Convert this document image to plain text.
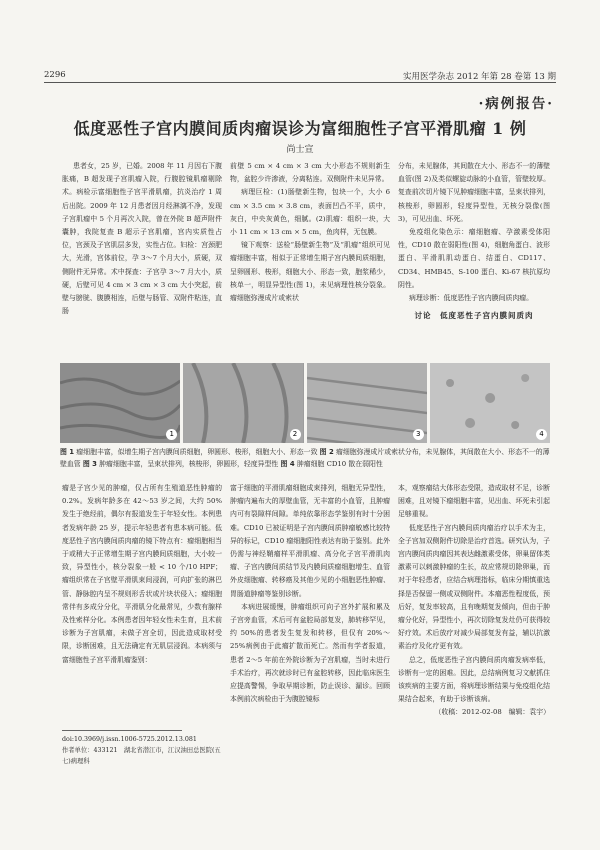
2296	实用医学杂志 2012 年第 28 卷第 13 期
·病例报告·
低度恶性子宫内膜间质肉瘤误诊为富细胞性子宫平滑肌瘤 1 例
尚士宣

患者女，25 岁，已婚。2008 年 11 月因右下腹胀痛，B 超发现子宫肌瘤入院，行腹腔镜肌瘤剔除术。病检示富细胞性子宫平滑肌瘤，抗炎治疗 1 周后出院。2009 年 12 月患者因月经淋漓不净，发现子宫肌瘤中 5 个月再次入院，曾在外院 B 超声附件囊肿，我院复查 B 超示子宫肌瘤，宫内实质性占位，宫颈及子宫肌层多发，实性占位。妇检：宫颈肥大，光滑，宫体前位，孕 3～7 个月大小，质硬，双侧附件无异常。术中探查：子宫孕 3～7 月大小，质硬，后壁可见 4 cm × 3 cm × 3 cm 大小突起，前壁与膀胱、腹膜相连，后壁与肠管、双附件粘连，直肠

前壁 5 cm × 4 cm × 3 cm 大小形态不规则新生物，盆腔少许渗液，分离粘连。双侧附件未见异常。

病理巨检：(1)肠壁新生物，包块一个，大小 6 cm × 3.5 cm × 3.8 cm，表面凹凸不平，质中，灰白，中央灰黄色，细腻。(2)肌瘤：组织一块，大小 11 cm × 13 cm × 5 cm，鱼肉样，无包膜。

镜下观察：送检“肠壁新生物”及“肌瘤”组织可见瘤细胞丰富，相似于正常增生期子宫内膜间质细胞，呈卵圆形、梭形，细胞大小、形态一致，胞浆稀少，核单一，明显异型性(图 1)，未见病理性核分裂象。瘤细胞弥漫成片或索状

分布，未见腺体，其间散在大小、形态不一的薄壁血管(图 2)及类似螺旋动脉的小血管，管壁较厚。复查前次切片镜下见肿瘤细胞丰富，呈束状排列，核梭形，卵圆形，轻度异型性，无核分裂像(图 3)，可见出血、坏死。

免疫组化染色示：瘤细胞瘤、孕激素受体阳性，CD10 散在弱阳性(图 4)，细胞角蛋白、波形蛋白、平滑肌肌动蛋白、结蛋白、CD117、CD34、HMB45、S-100 蛋白、Ki-67 核抗原均阴性。

病理诊断：低度恶性子宫内膜间质肉瘤。

讨论　低度恶性子宫内膜间质肉
1	2	3	4
图 1 瘤细胞丰富，似增生期子宫内膜间质细胞，卵圆形、梭形，细胞大小、形态一致 图 2 瘤细胞弥漫成片或索状分布，未见腺体，其间散在大小、形态不一的薄壁血管 图 3 肿瘤细胞丰富，呈束状排列，核梭形，卵圆形，轻度异型性 图 4 肿瘤细胞 CD10 散在弱阳性

瘤是子宫少见的肿瘤，仅占所有生殖道恶性肿瘤的 0.2%。发病年龄多在 42～53 岁之间，大约 50%发生于绝经前，偶尔有报道发生于年轻女性。本例患者发病年龄 25 岁，提示年轻患者有患本病可能。低度恶性子宫内膜间质肉瘤的镜下特点有：瘤细胞相当于或稍大于正常增生期子宫内膜间质细胞，大小较一致，异型性小，核分裂象一般 < 10 个/10 HPF；瘤组织常在子宫壁平滑肌束间浸润，可向扩张的淋巴管、静脉腔内呈不规则形舌状或片块状侵入；瘤细胞常伴有多成分分化，平滑肌分化最常见，少数有腺样及性索样分化。本例患者因年轻女性未生育，且术前诊断为子宫肌瘤，未做子宫全切，因此造成取材受限，诊断困难，且无法确定有无肌层浸润。本病须与富细胞性子宫平滑肌瘤鉴别：

富于细胞的平滑肌瘤细胞成束排列，细胞无异型性，肿瘤内遍布大的厚壁血管，无丰富的小血管，且肿瘤内可有裂隙样间隙。单纯依靠形态学鉴别有时十分困难。CD10 已被证明是子宫内膜间质肿瘤敏感比较特异的标记，CD10 瘤细胞阳性表达有助于鉴别。此外仍需与神经鞘瘤样平滑肌瘤、高分化子宫平滑肌肉瘤、子宫内膜间质结节及内膜间质瘤细胞增生、血管外皮细胞瘤、转移癌及其他少见的小细胞恶性肿瘤、胃肠道肿瘤等鉴别诊断。

本病进展缓慢，肿瘤组织可向子宫外扩展和累及子宫旁血管，术后可有盆腔局部复发，肺转移罕见，约 50%的患者发生复发和转移，但仅有 20%～25%病例由于此瘤扩散而死亡。然而有学者报道，患者 2～5 年前在外院诊断为子宫肌瘤，当时未进行手术治疗，再次就诊时已有盆腔转移，因此临床医生应提高警惕，争取早期诊断，防止误诊、漏诊。回顾本例前次病检由于为腹腔镜标

本，观察瘤结大体形态受限，造成取材不足，诊断困难，且对镜下瘤细胞丰富，见出血、坏死未引起足够重视。

低度恶性子宫内膜间质肉瘤治疗以手术为主，全子宫加双侧附件切除是治疗首选。研究认为，子宫内膜间质肉瘤因其表达雌激素受体，卵巢留体类激素可以刺激肿瘤的生长，故应常规切除卵巢，而对于年轻患者，应结合病理指标，临床分期慎重选择是否保留一侧或双侧附件。本瘤恶性程度低，预后好，复发率较高，且有晚期复发倾向，但由于肿瘤分化好，异型性小，再次切除复发灶仍可获得较好疗效。术后放疗对减少局部复发有益，辅以抗激素治疗及化疗更有效。

总之，低度恶性子宫内膜间质肉瘤发病率低，诊断有一定的困难。因此，总结病例复习文献抓住该疾病的主要方面，将病理诊断结果与免疫组化结果结合起来，有助于诊断该病。

（收稿：2012-02-08　编辑：袁宇）

doi:10.3969/j.issn.1006-5725.2012.13.081
作者单位：433121　湖北省潜江市，江汉油田总医院(五七)病理科
